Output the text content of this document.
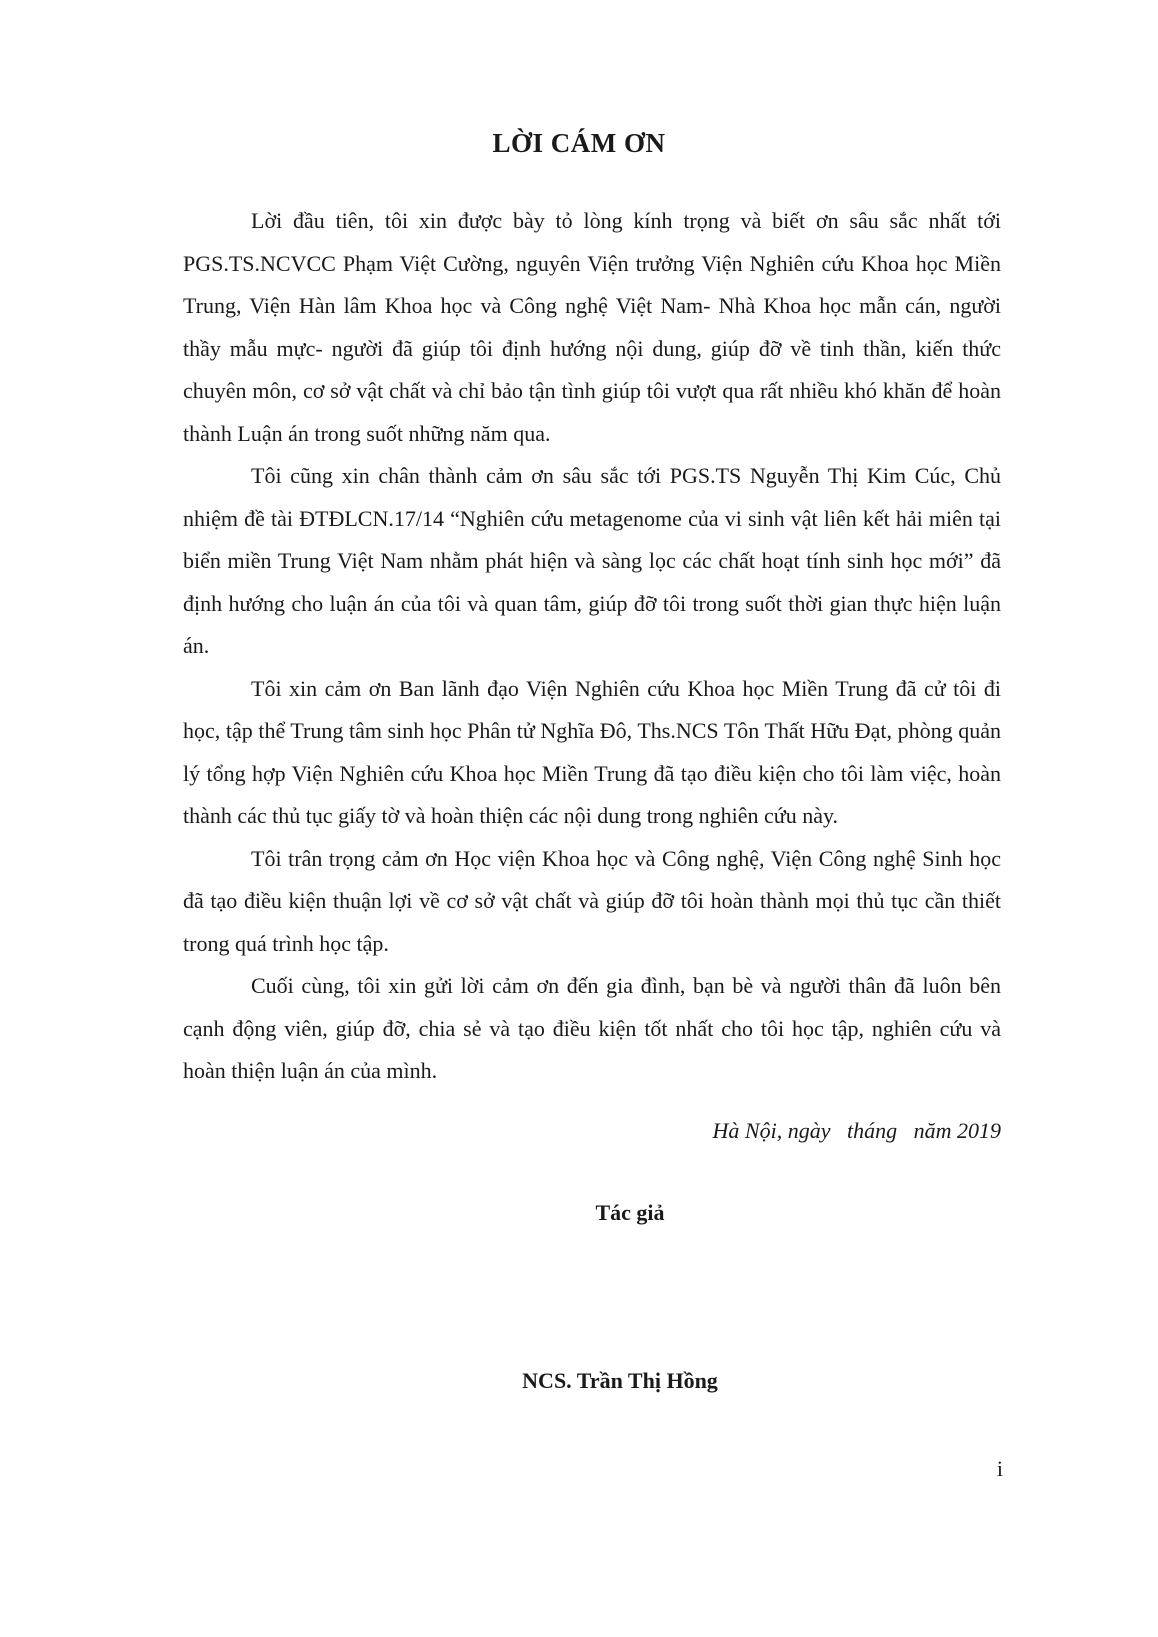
LỜI CÁM ƠN

Lời đầu tiên, tôi xin được bày tỏ lòng kính trọng và biết ơn sâu sắc nhất tới PGS.TS.NCVCC Phạm Việt Cường, nguyên Viện trưởng Viện Nghiên cứu Khoa học Miền Trung, Viện Hàn lâm Khoa học và Công nghệ Việt Nam- Nhà Khoa học mẫn cán, người thầy mẫu mực- người đã giúp tôi định hướng nội dung, giúp đỡ về tinh thần, kiến thức chuyên môn, cơ sở vật chất và chỉ bảo tận tình giúp tôi vượt qua rất nhiều khó khăn để hoàn thành Luận án trong suốt những năm qua.

Tôi cũng xin chân thành cảm ơn sâu sắc tới PGS.TS Nguyễn Thị Kim Cúc, Chủ nhiệm đề tài ĐTĐLCN.17/14 “Nghiên cứu metagenome của vi sinh vật liên kết hải miên tại biển miền Trung Việt Nam nhằm phát hiện và sàng lọc các chất hoạt tính sinh học mới” đã định hướng cho luận án của tôi và quan tâm, giúp đỡ tôi trong suốt thời gian thực hiện luận án.

Tôi xin cảm ơn Ban lãnh đạo Viện Nghiên cứu Khoa học Miền Trung đã cử tôi đi học, tập thể Trung tâm sinh học Phân tử Nghĩa Đô, Ths.NCS Tôn Thất Hữu Đạt, phòng quản lý tổng hợp Viện Nghiên cứu Khoa học Miền Trung đã tạo điều kiện cho tôi làm việc, hoàn thành các thủ tục giấy tờ và hoàn thiện các nội dung trong nghiên cứu này.

Tôi trân trọng cảm ơn Học viện Khoa học và Công nghệ, Viện Công nghệ Sinh học đã tạo điều kiện thuận lợi về cơ sở vật chất và giúp đỡ tôi hoàn thành mọi thủ tục cần thiết trong quá trình học tập.

Cuối cùng, tôi xin gửi lời cảm ơn đến gia đình, bạn bè và người thân đã luôn bên cạnh động viên, giúp đỡ, chia sẻ và tạo điều kiện tốt nhất cho tôi học tập, nghiên cứu và hoàn thiện luận án của mình.

Hà Nội, ngày   tháng   năm 2019
Tác giả
NCS. Trần Thị Hồng
i
